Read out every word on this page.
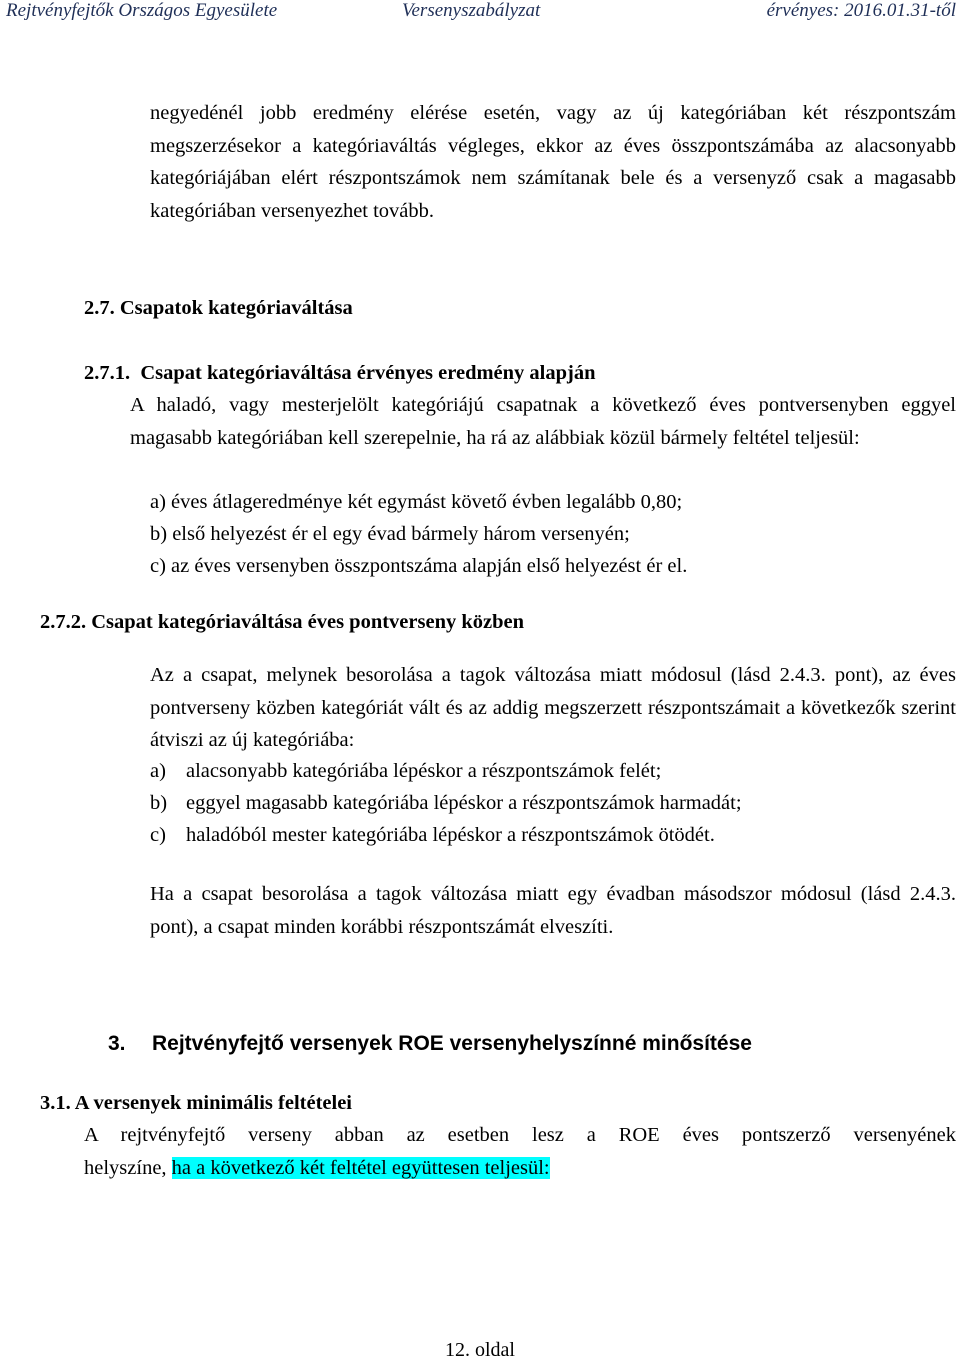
Rejtvényfejtők Országos Egyesülete	Versenyszabályzat	érvényes: 2016.01.31-től
negyedénél jobb eredmény elérése esetén, vagy az új kategóriában két részpontszám megszerzésekor a kategóriaváltás végleges, ekkor az éves összpontszámába az alacsonyabb kategóriájában elért részpontszámok nem számítanak bele és a versenyző csak a magasabb kategóriában versenyezhet tovább.
2.7. Csapatok kategóriaváltása
2.7.1.  Csapat kategóriaváltása érvényes eredmény alapján
A haladó, vagy mesterjelölt kategóriájú csapatnak a következő éves pontversenyben eggyel magasabb kategóriában kell szerepelnie, ha rá az alábbiak közül bármely feltétel teljesül:
a) éves átlageredménye két egymást követő évben legalább 0,80;
b) első helyezést ér el egy évad bármely három versenyén;
c) az éves versenyben összpontszáma alapján első helyezést ér el.
2.7.2. Csapat kategóriaváltása éves pontverseny közben
Az a csapat, melynek besorolása a tagok változása miatt módosul (lásd 2.4.3. pont), az éves pontverseny közben kategóriát vált és az addig megszerzett részpontszámait a következők szerint átviszi az új kategóriába:
a) alacsonyabb kategóriába lépéskor a részpontszámok felét;
b) eggyel magasabb kategóriába lépéskor a részpontszámok harmadát;
c) haladóból mester kategóriába lépéskor a részpontszámok ötödét.
Ha a csapat besorolása a tagok változása miatt egy évadban másodszor módosul (lásd 2.4.3. pont), a csapat minden korábbi részpontszámát elveszíti.
3. Rejtvényfejtő versenyek ROE versenyhelyszínné minősítése
3.1. A versenyek minimális feltételei
A rejtvényfejtő verseny abban az esetben lesz a ROE éves pontszerző versenyének
helyszíne, ha a következő két feltétel együttesen teljesül:
12. oldal
